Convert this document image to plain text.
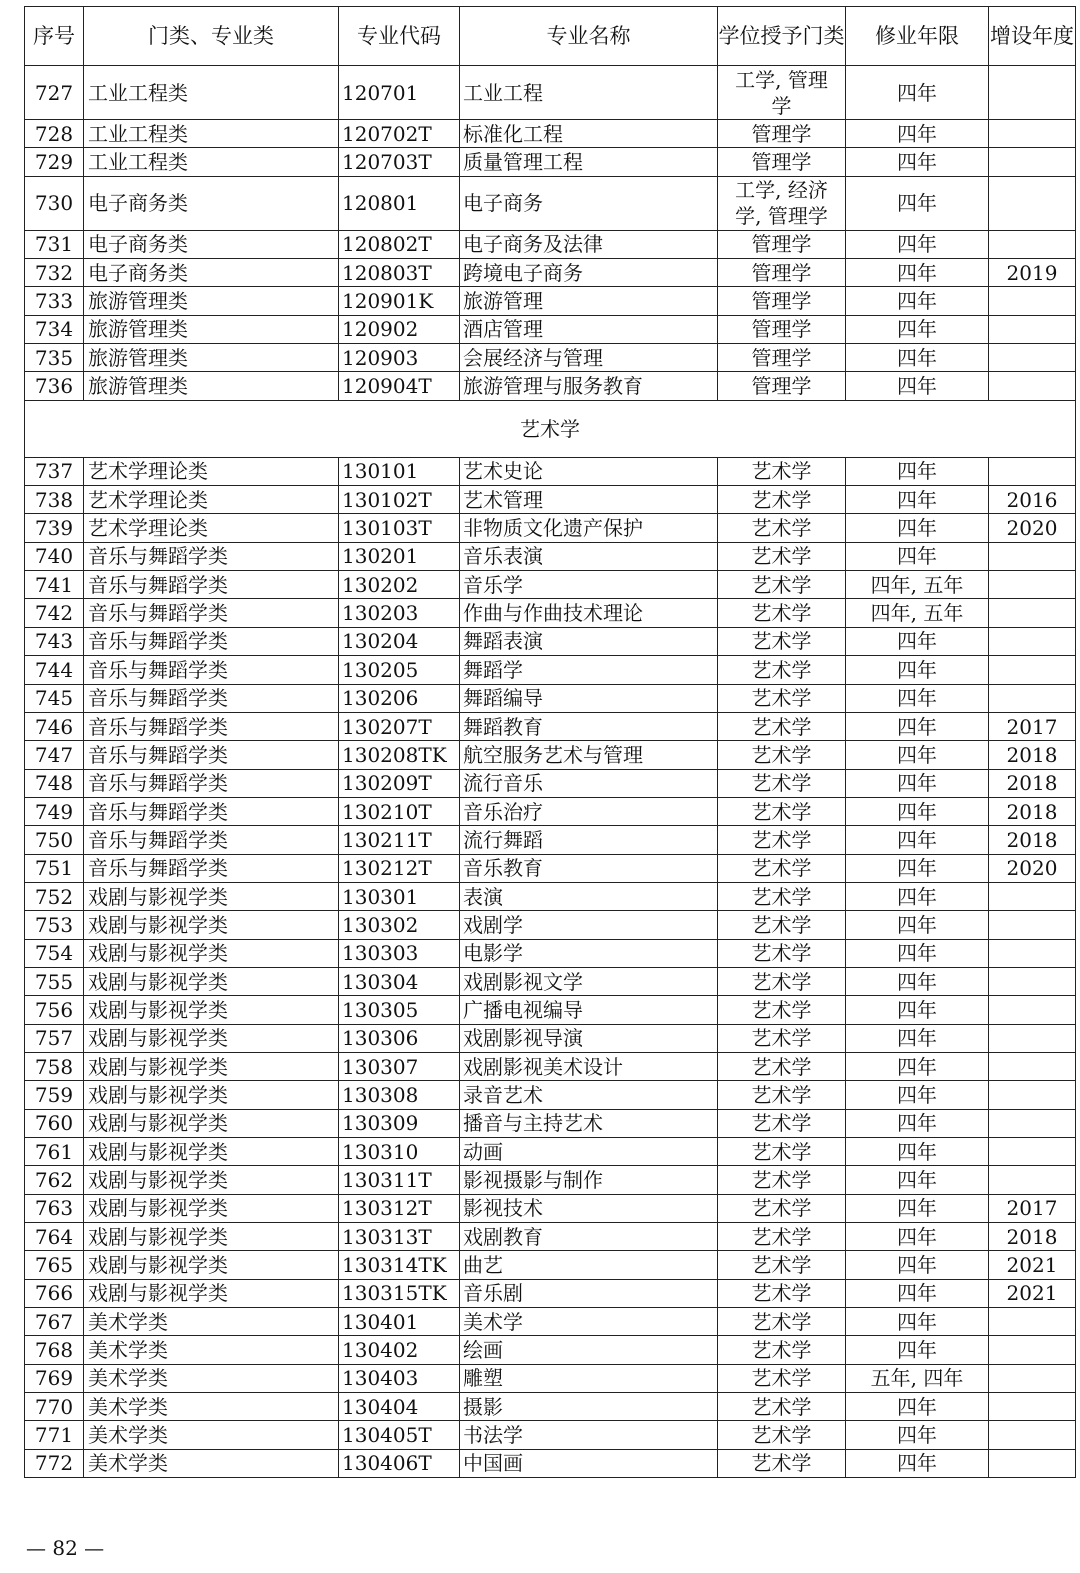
序号	门类、专业类	专业代码	专业名称	学位授予门类	修业年限	增设年度
727	工业工程类	120701	工业工程	工学, 管理学	四年	
728	工业工程类	120702T	标准化工程	管理学	四年	
729	工业工程类	120703T	质量管理工程	管理学	四年	
730	电子商务类	120801	电子商务	工学, 经济学, 管理学	四年	
731	电子商务类	120802T	电子商务及法律	管理学	四年	
732	电子商务类	120803T	跨境电子商务	管理学	四年	2019
733	旅游管理类	120901K	旅游管理	管理学	四年	
734	旅游管理类	120902	酒店管理	管理学	四年	
735	旅游管理类	120903	会展经济与管理	管理学	四年	
736	旅游管理类	120904T	旅游管理与服务教育	管理学	四年	
艺术学						
737	艺术学理论类	130101	艺术史论	艺术学	四年	
738	艺术学理论类	130102T	艺术管理	艺术学	四年	2016
739	艺术学理论类	130103T	非物质文化遗产保护	艺术学	四年	2020
740	音乐与舞蹈学类	130201	音乐表演	艺术学	四年	
741	音乐与舞蹈学类	130202	音乐学	艺术学	四年, 五年	
742	音乐与舞蹈学类	130203	作曲与作曲技术理论	艺术学	四年, 五年	
743	音乐与舞蹈学类	130204	舞蹈表演	艺术学	四年	
744	音乐与舞蹈学类	130205	舞蹈学	艺术学	四年	
745	音乐与舞蹈学类	130206	舞蹈编导	艺术学	四年	
746	音乐与舞蹈学类	130207T	舞蹈教育	艺术学	四年	2017
747	音乐与舞蹈学类	130208TK	航空服务艺术与管理	艺术学	四年	2018
748	音乐与舞蹈学类	130209T	流行音乐	艺术学	四年	2018
749	音乐与舞蹈学类	130210T	音乐治疗	艺术学	四年	2018
750	音乐与舞蹈学类	130211T	流行舞蹈	艺术学	四年	2018
751	音乐与舞蹈学类	130212T	音乐教育	艺术学	四年	2020
752	戏剧与影视学类	130301	表演	艺术学	四年	
753	戏剧与影视学类	130302	戏剧学	艺术学	四年	
754	戏剧与影视学类	130303	电影学	艺术学	四年	
755	戏剧与影视学类	130304	戏剧影视文学	艺术学	四年	
756	戏剧与影视学类	130305	广播电视编导	艺术学	四年	
757	戏剧与影视学类	130306	戏剧影视导演	艺术学	四年	
758	戏剧与影视学类	130307	戏剧影视美术设计	艺术学	四年	
759	戏剧与影视学类	130308	录音艺术	艺术学	四年	
760	戏剧与影视学类	130309	播音与主持艺术	艺术学	四年	
761	戏剧与影视学类	130310	动画	艺术学	四年	
762	戏剧与影视学类	130311T	影视摄影与制作	艺术学	四年	
763	戏剧与影视学类	130312T	影视技术	艺术学	四年	2017
764	戏剧与影视学类	130313T	戏剧教育	艺术学	四年	2018
765	戏剧与影视学类	130314TK	曲艺	艺术学	四年	2021
766	戏剧与影视学类	130315TK	音乐剧	艺术学	四年	2021
767	美术学类	130401	美术学	艺术学	四年	
768	美术学类	130402	绘画	艺术学	四年	
769	美术学类	130403	雕塑	艺术学	五年, 四年	
770	美术学类	130404	摄影	艺术学	四年	
771	美术学类	130405T	书法学	艺术学	四年	
772	美术学类	130406T	中国画	艺术学	四年	
— 82 —
